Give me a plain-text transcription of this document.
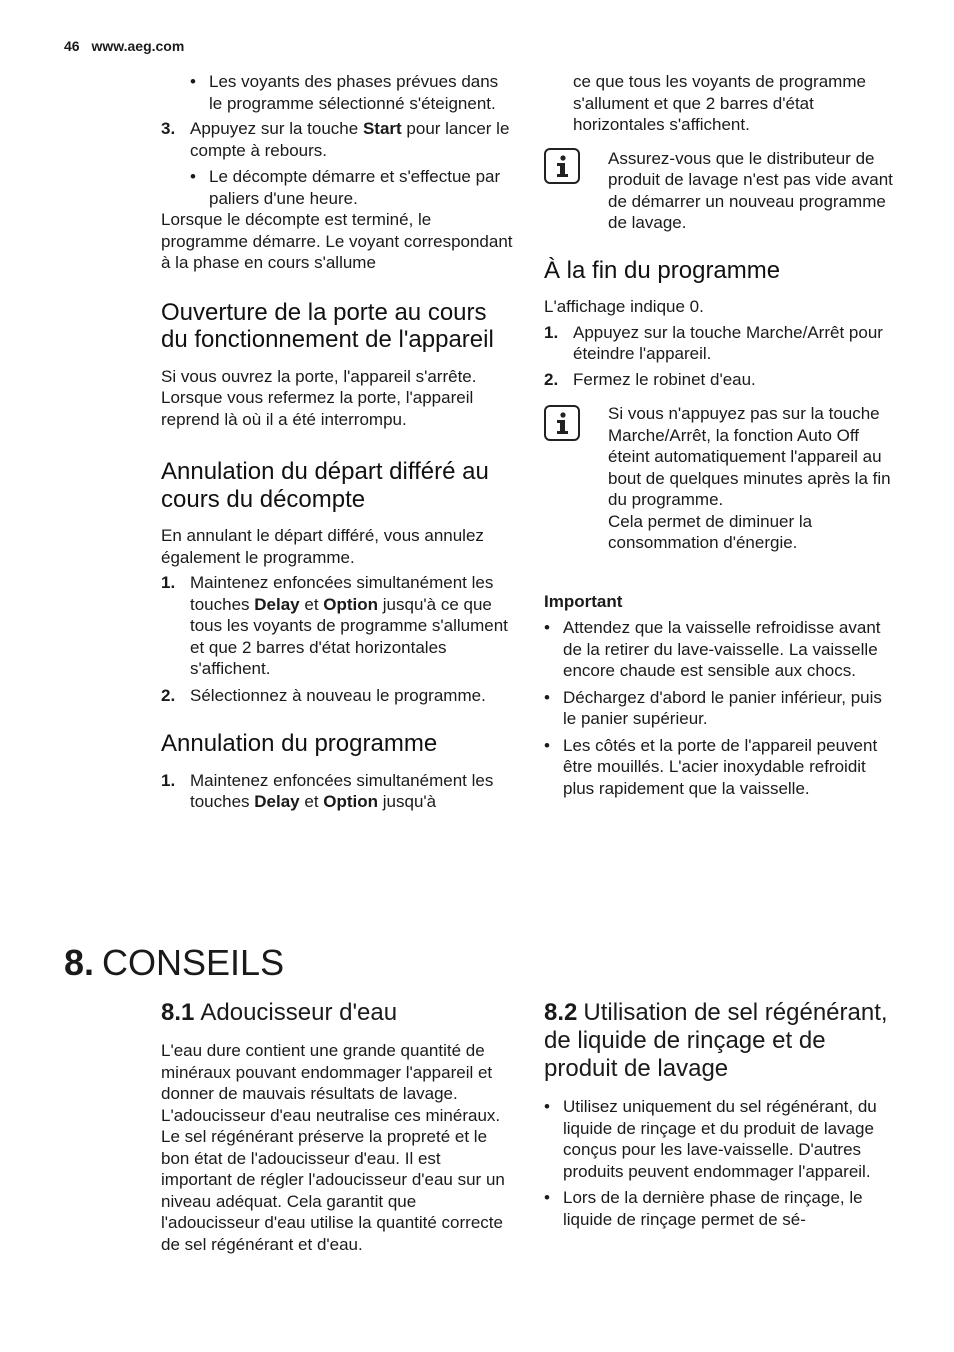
46 www.aeg.com

• Les voyants des phases prévues dans le programme sélectionné s'éteignent.

3. Appuyez sur la touche Start pour lancer le compte à rebours.

• Le décompte démarre et s'effectue par paliers d'une heure.

Lorsque le décompte est terminé, le programme démarre. Le voyant correspondant à la phase en cours s'allume

Ouverture de la porte au cours du fonctionnement de l'appareil

Si vous ouvrez la porte, l'appareil s'arrête. Lorsque vous refermez la porte, l'appareil reprend là où il a été interrompu.

Annulation du départ différé au cours du décompte

En annulant le départ différé, vous annulez également le programme.

1. Maintenez enfoncées simultanément les touches Delay et Option jusqu'à ce que tous les voyants de programme s'allument et que 2 barres d'état horizontales s'affichent.

2. Sélectionnez à nouveau le programme.

Annulation du programme

1. Maintenez enfoncées simultanément les touches Delay et Option jusqu'à

ce que tous les voyants de programme s'allument et que 2 barres d'état horizontales s'affichent.

Assurez-vous que le distributeur de produit de lavage n'est pas vide avant de démarrer un nouveau programme de lavage.

À la fin du programme

L'affichage indique 0.

1. Appuyez sur la touche Marche/Arrêt pour éteindre l'appareil.

2. Fermez le robinet d'eau.

Si vous n'appuyez pas sur la touche Marche/Arrêt, la fonction Auto Off éteint automatiquement l'appareil au bout de quelques minutes après la fin du programme.

Cela permet de diminuer la consommation d'énergie.

Important

• Attendez que la vaisselle refroidisse avant de la retirer du lave-vaisselle. La vaisselle encore chaude est sensible aux chocs.

• Déchargez d'abord le panier inférieur, puis le panier supérieur.

• Les côtés et la porte de l'appareil peuvent être mouillés. L'acier inoxydable refroidit plus rapidement que la vaisselle.

8. CONSEILS
8.1 Adoucisseur d'eau

L'eau dure contient une grande quantité de minéraux pouvant endommager l'appareil et donner de mauvais résultats de lavage. L'adoucisseur d'eau neutralise ces minéraux.

Le sel régénérant préserve la propreté et le bon état de l'adoucisseur d'eau. Il est important de régler l'adoucisseur d'eau sur un niveau adéquat. Cela garantit que l'adoucisseur d'eau utilise la quantité correcte de sel régénérant et d'eau.

8.2 Utilisation de sel régénérant, de liquide de rinçage et de produit de lavage

• Utilisez uniquement du sel régénérant, du liquide de rinçage et du produit de lavage conçus pour les lave-vaisselle. D'autres produits peuvent endommager l'appareil.

• Lors de la dernière phase de rinçage, le liquide de rinçage permet de sé-
